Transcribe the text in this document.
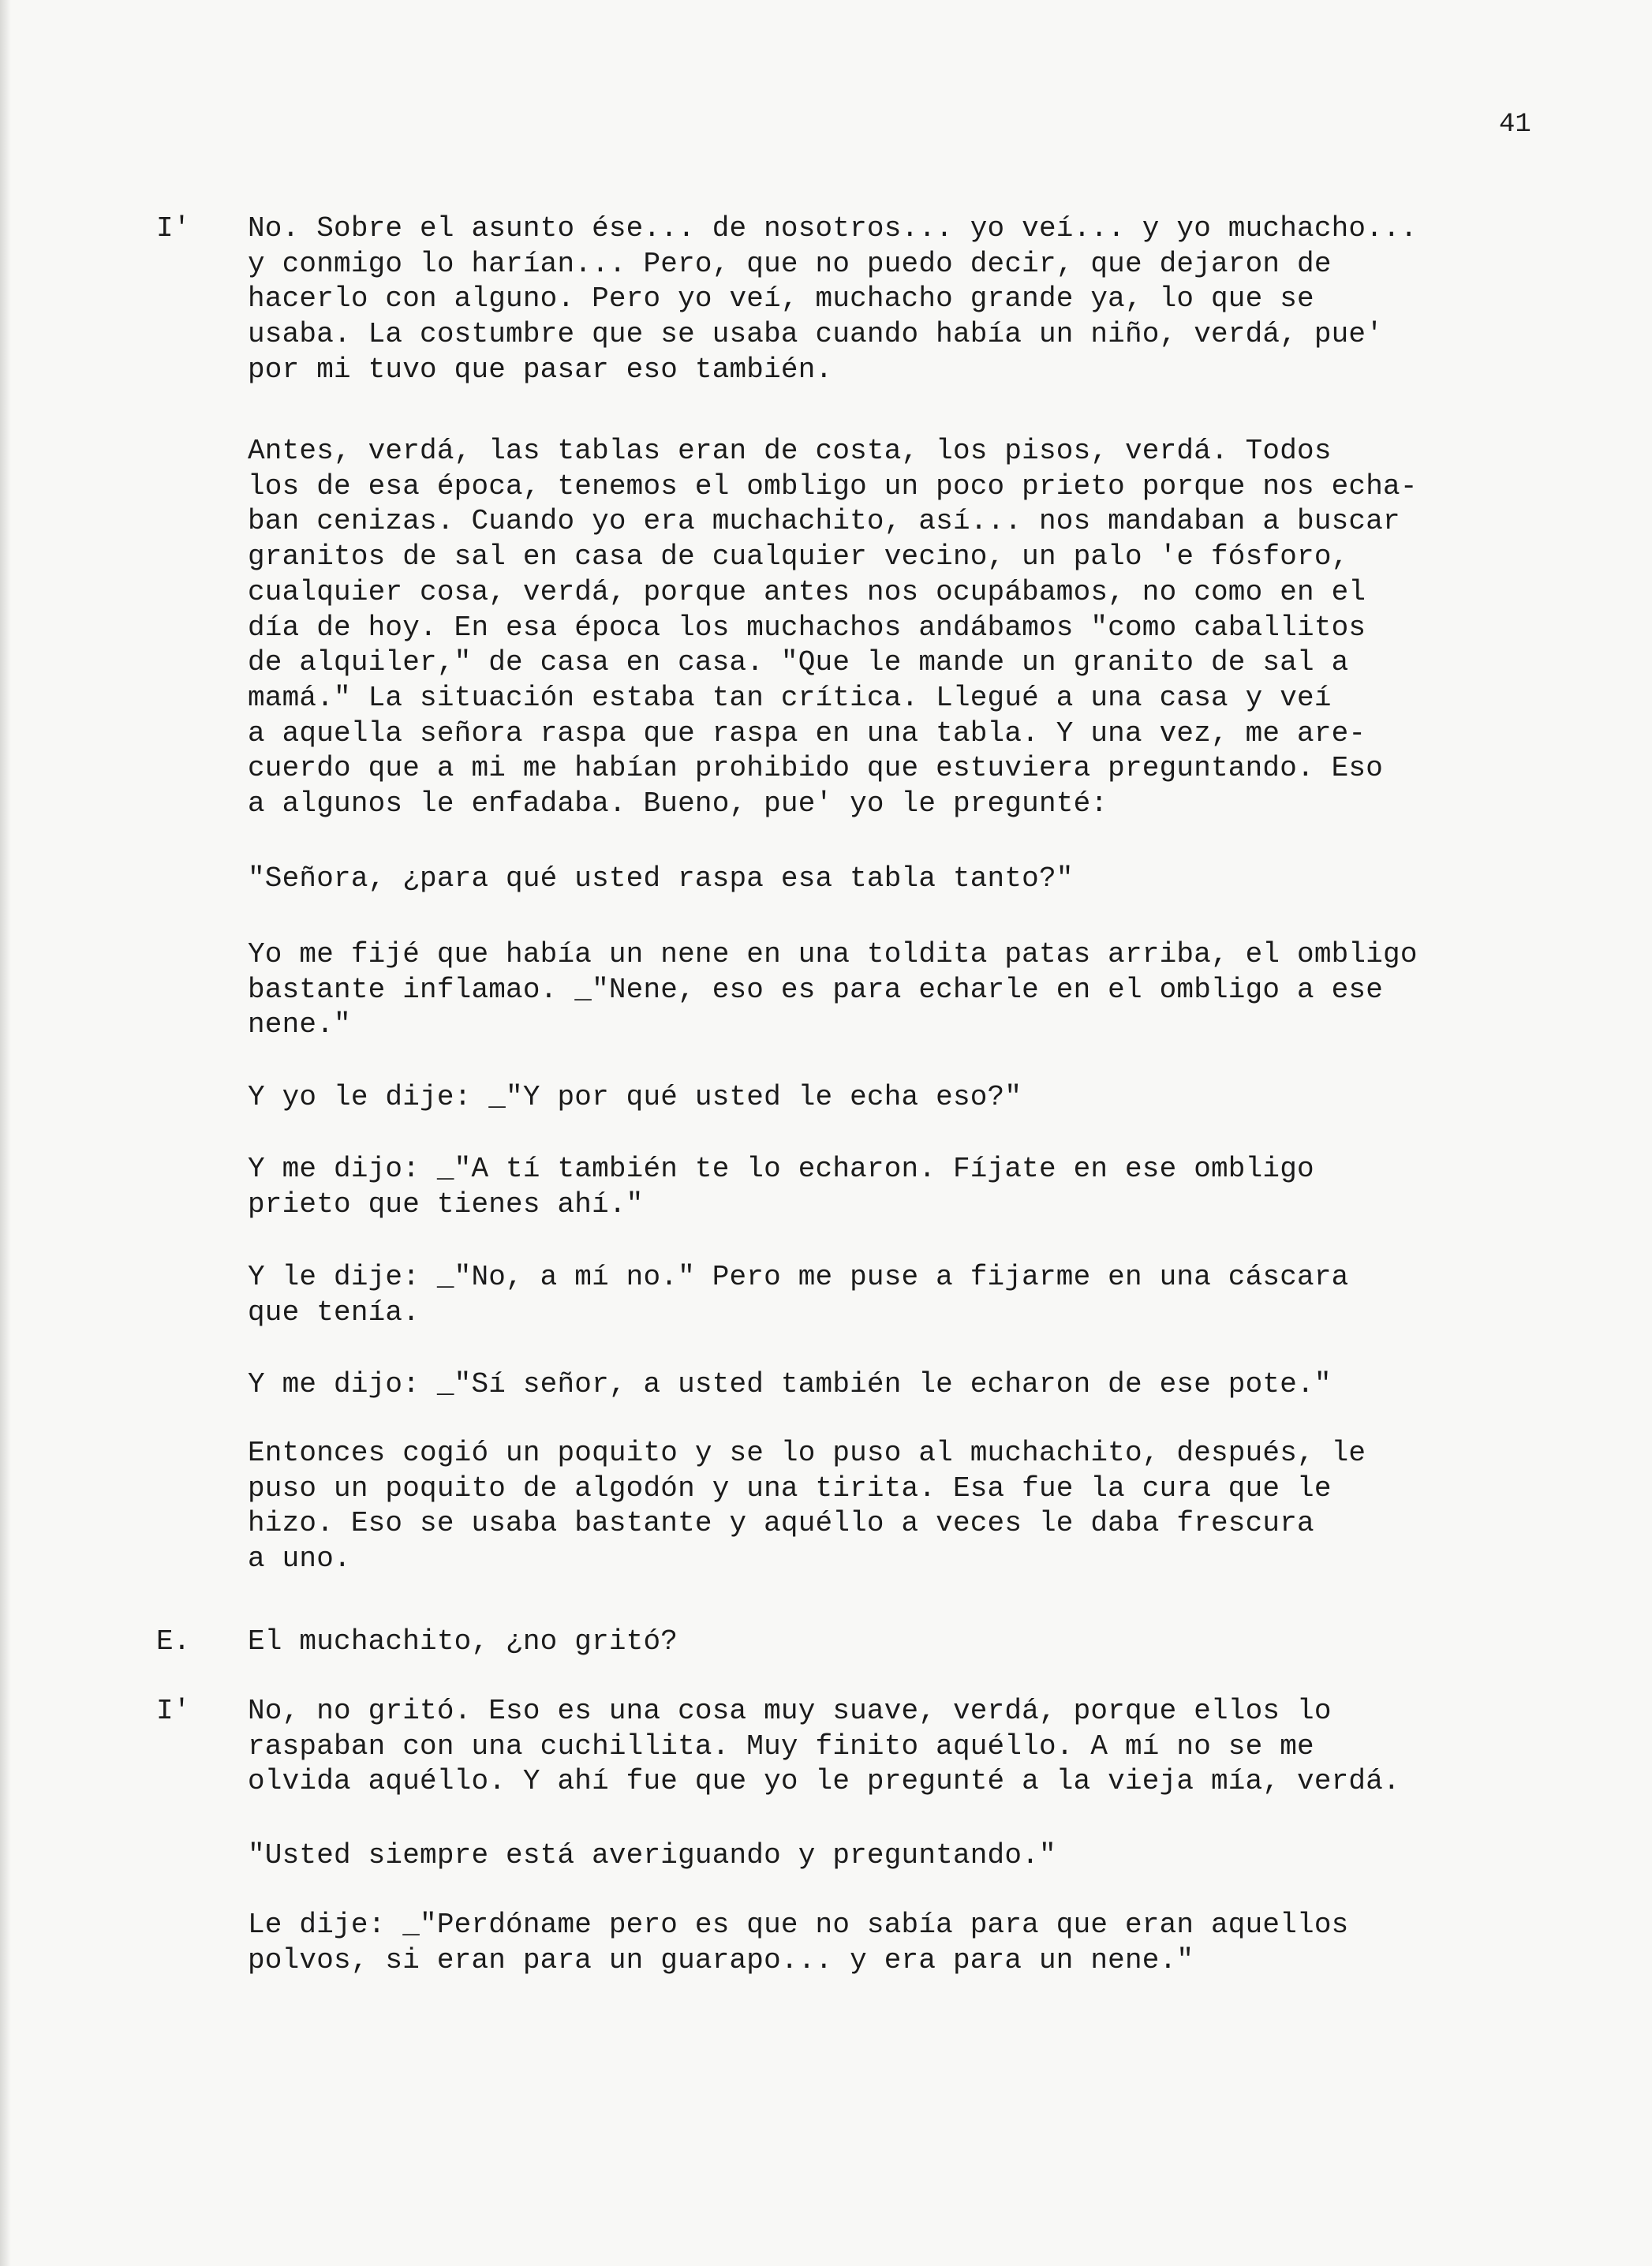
41
I' No. Sobre el asunto ése... de nosotros... yo veí... y yo muchacho...
y conmigo lo harían... Pero, que no puedo decir, que dejaron de
hacerlo con alguno. Pero yo veí, muchacho grande ya, lo que se
usaba. La costumbre que se usaba cuando había un niño, verdá, pue'
por mi tuvo que pasar eso también.
Antes, verdá, las tablas eran de costa, los pisos, verdá. Todos
los de esa época, tenemos el ombligo un poco prieto porque nos echa-
ban cenizas. Cuando yo era muchachito, así... nos mandaban a buscar
granitos de sal en casa de cualquier vecino, un palo 'e fósforo,
cualquier cosa, verdá, porque antes nos ocupábamos, no como en el
día de hoy. En esa época los muchachos andábamos "como caballitos
de alquiler," de casa en casa. "Que le mande un granito de sal a
mamá." La situación estaba tan crítica. Llegué a una casa y veí
a aquella señora raspa que raspa en una tabla. Y una vez, me are-
cuerdo que a mi me habían prohibido que estuviera preguntando. Eso
a algunos le enfadaba. Bueno, pue' yo le pregunté:
"Señora, ¿para qué usted raspa esa tabla tanto?"
Yo me fijé que había un nene en una toldita patas arriba, el ombligo
bastante inflamao. _"Nene, eso es para echarle en el ombligo a ese
nene."
Y yo le dije: _"Y por qué usted le echa eso?"
Y me dijo: _"A tí también te lo echaron. Fíjate en ese ombligo
prieto que tienes ahí."
Y le dije: _"No, a mí no." Pero me puse a fijarme en una cáscara
que tenía.
Y me dijo: _"Sí señor, a usted también le echaron de ese pote."
Entonces cogió un poquito y se lo puso al muchachito, después, le
puso un poquito de algodón y una tirita. Esa fue la cura que le
hizo. Eso se usaba bastante y aquéllo a veces le daba frescura
a uno.
E. El muchachito, ¿no gritó?
I' No, no gritó. Eso es una cosa muy suave, verdá, porque ellos lo
raspaban con una cuchillita. Muy finito aquéllo. A mí no se me
olvida aquéllo. Y ahí fue que yo le pregunté a la vieja mía, verdá.
"Usted siempre está averiguando y preguntando."
Le dije: _"Perdóname pero es que no sabía para que eran aquellos
polvos, si eran para un guarapo... y era para un nene."
